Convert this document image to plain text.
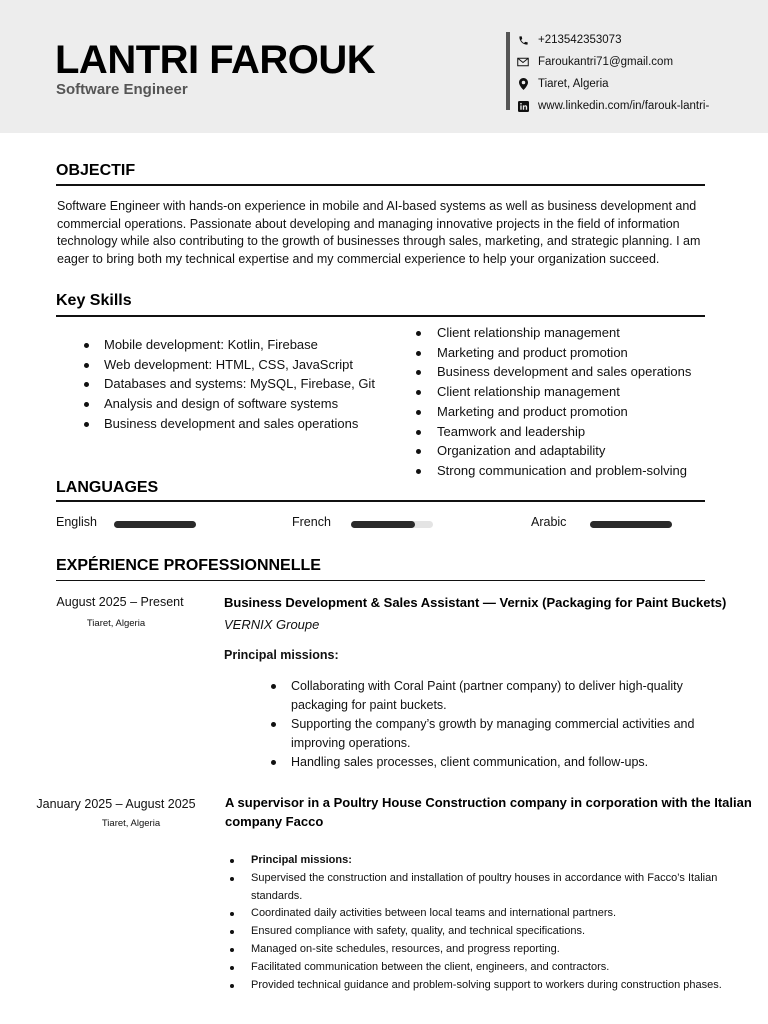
LANTRI FAROUK
Software Engineer
+213542353073
Faroukantri71@gmail.com
Tiaret, Algeria
www.linkedin.com/in/farouk-lantri-
OBJECTIF
Software Engineer with hands-on experience in mobile and AI-based systems as well as business development and commercial operations. Passionate about developing and managing innovative projects in the field of information technology while also contributing to the growth of businesses through sales, marketing, and strategic planning. I am eager to bring both my technical expertise and my commercial experience to help your organization succeed.
Key Skills
Mobile development: Kotlin, Firebase
Web development: HTML, CSS, JavaScript
Databases and systems: MySQL, Firebase, Git
Analysis and design of software systems
Business development and sales operations
Client relationship management
Marketing and product promotion
Business development and sales operations
Client relationship management
Marketing and product promotion
Teamwork and leadership
Organization and adaptability
Strong communication and problem-solving
LANGUAGES
English	French	Arabic
EXPÉRIENCE PROFESSIONNELLE
August 2025 – Present
Tiaret, Algeria
Business Development & Sales Assistant — Vernix (Packaging for Paint Buckets)
VERNIX Groupe
Principal missions:
Collaborating with Coral Paint (partner company) to deliver high-quality packaging for paint buckets.
Supporting the company’s growth by managing commercial activities and improving operations.
Handling sales processes, client communication, and follow-ups.
January 2025 – August 2025
Tiaret, Algeria
A supervisor in a Poultry House Construction company in corporation with the Italian company Facco
Principal missions:
Supervised the construction and installation of poultry houses in accordance with Facco’s Italian standards.
Coordinated daily activities between local teams and international partners.
Ensured compliance with safety, quality, and technical specifications.
Managed on-site schedules, resources, and progress reporting.
Facilitated communication between the client, engineers, and contractors.
Provided technical guidance and problem-solving support to workers during construction phases.
